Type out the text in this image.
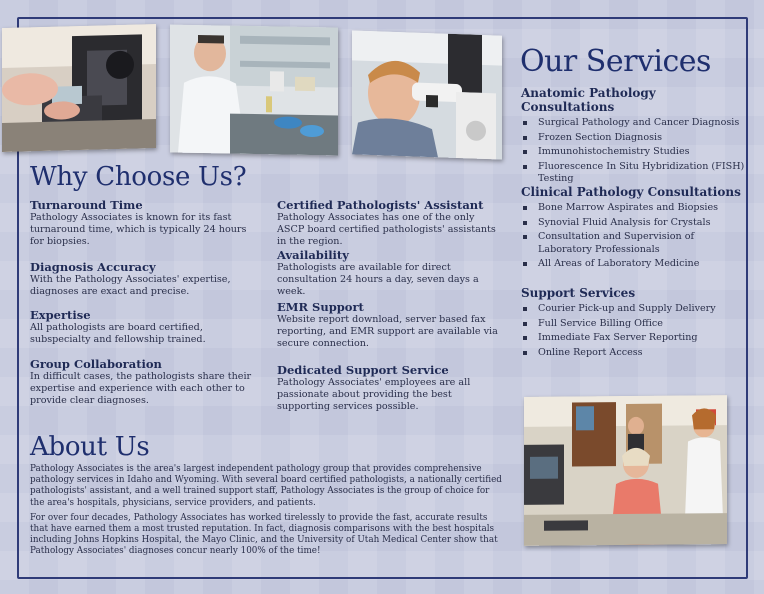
Why Choose Us?
Turnaround Time

Pathology Associates is known for its fast turnaround time, which is typically 24 hours for biopsies.

Diagnosis Accuracy

With the Pathology Associates' expertise, diagnoses are exact and precise.

Expertise

All pathologists are board certified, subspecialty and fellowship trained.

Group Collaboration

In difficult cases, the pathologists share their expertise and experience with each other to provide clear diagnoses.

Certified Pathologists' Assistant

Pathology Associates has one of the only ASCP board certified pathologists' assistants in the region.

Availability

Pathologists are available for direct consultation 24 hours a day, seven days a week.

EMR Support

Website report download, server based fax reporting, and EMR support are available via secure connection.

Dedicated Support Service

Pathology Associates' employees are all passionate about providing the best supporting services possible.

Our Services
Anatomic Pathology Consultations
Surgical Pathology and Cancer Diagnosis
Frozen Section Diagnosis
Immunohistochemistry Studies
Fluorescence In Situ Hybridization (FISH) Testing
Clinical Pathology Consultations
Bone Marrow Aspirates and Biopsies
Synovial Fluid Analysis for Crystals
Consultation and Supervision of Laboratory Professionals
All Areas of Laboratory Medicine
Support Services
Courier Pick-up and Supply Delivery
Full Service Billing Office
Immediate Fax Server Reporting
Online Report Access
About Us

Pathology Associates is the area's largest independent pathology group that provides comprehensive pathology services in Idaho and Wyoming. With several board certified pathologists, a nationally certified pathologists' assistant, and a well trained support staff, Pathology Associates is the group of choice for the area's hospitals, physicians, service providers, and patients.

For over four decades, Pathology Associates has worked tirelessly to provide the fast, accurate results that have earned them a most trusted reputation. In fact, diagnosis comparisons with the best hospitals including Johns Hopkins Hospital, the Mayo Clinic, and the University of Utah Medical Center show that Pathology Associates' diagnoses concur nearly 100% of the time!
